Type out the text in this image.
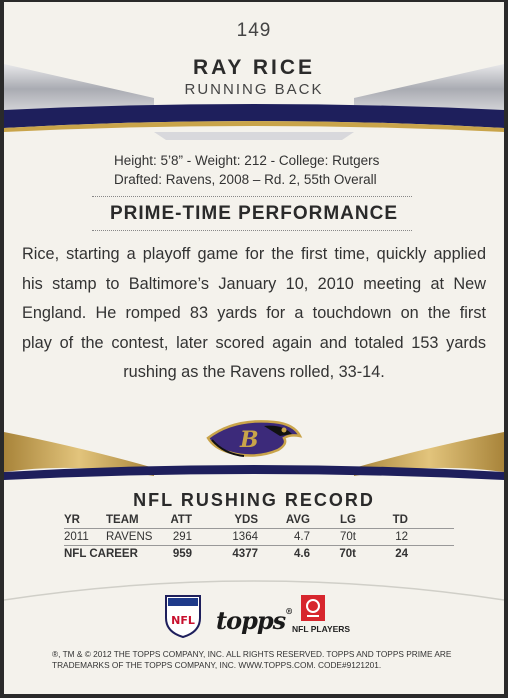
149
RAY RICE
RUNNING BACK
Height: 5’8” - Weight: 212 - College: Rutgers
Drafted: Ravens, 2008 – Rd. 2, 55th Overall
PRIME-TIME PERFORMANCE
Rice, starting a playoff game for the first time, quickly applied
his stamp to Baltimore’s January 10, 2010 meeting at New
England. He romped 83 yards for a touchdown on the first
play of the contest, later scored again and totaled 153 yards
rushing as the Ravens rolled, 33-14.
B
NFL RUSHING RECORD
YR TEAM	ATT	YDS AVG	LG	TD
2011 RAVENS 291	1364	4.7	70t	12
NFL CAREER	959	4377	4.6	70t	24
NFL topps®
NFL PLAYERS
®, TM & © 2012 THE TOPPS COMPANY, INC. ALL RIGHTS RESERVED. TOPPS AND TOPPS PRIME ARE
TRADEMARKS OF THE TOPPS COMPANY, INC. WWW.TOPPS.COM. CODE#9121201.
